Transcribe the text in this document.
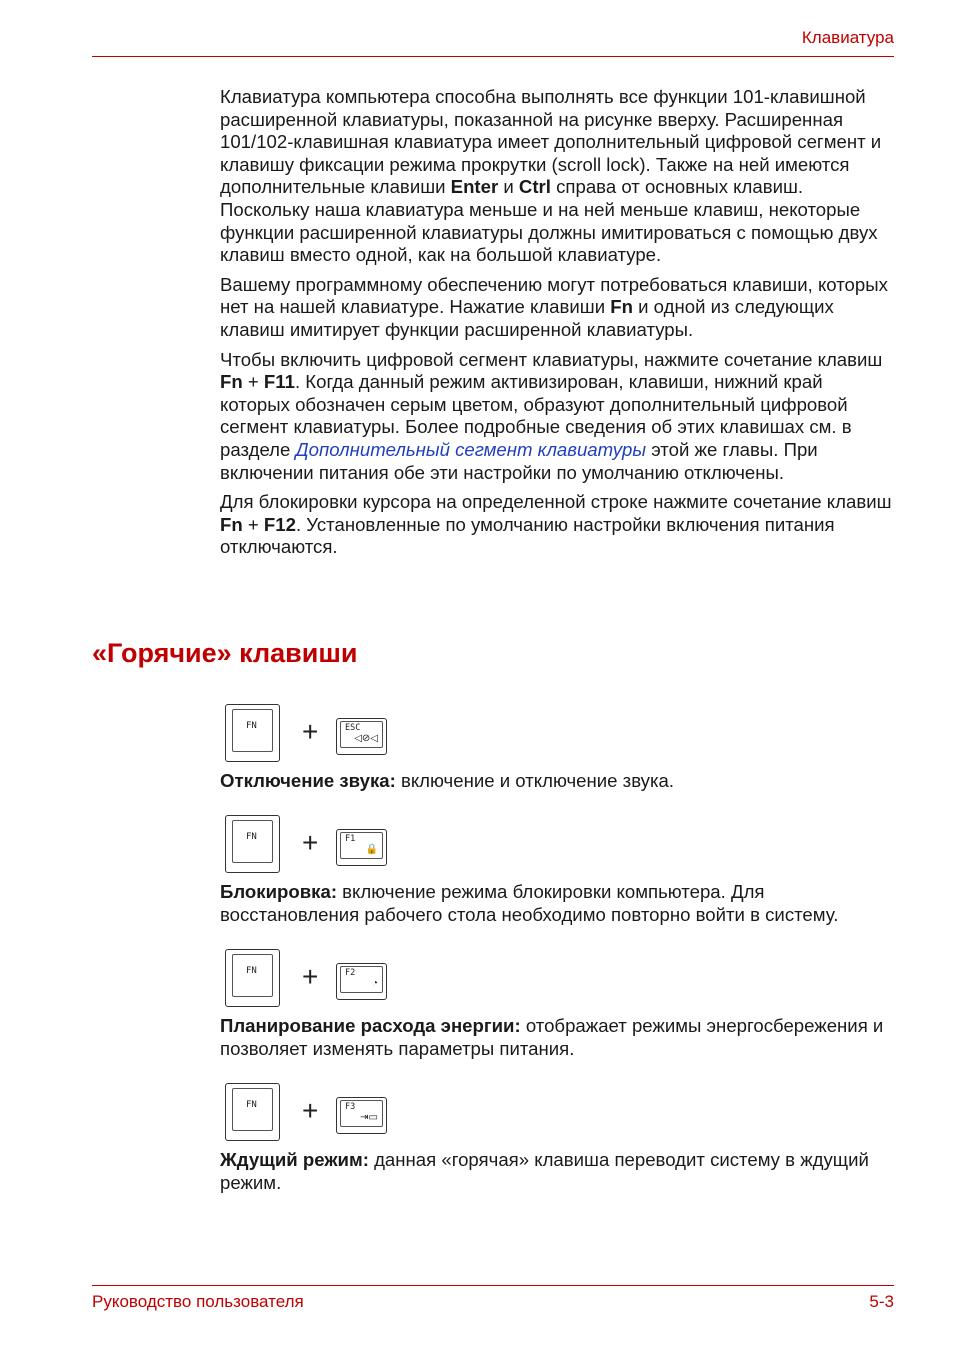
Клавиатура

Клавиатура компьютера способна выполнять все функции 101-клавишной расширенной клавиатуры, показанной на рисунке вверху. Расширенная 101/102-клавишная клавиатура имеет дополнительный цифровой сегмент и клавишу фиксации режима прокрутки (scroll lock). Также на ней имеются дополнительные клавиши Enter и Ctrl справа от основных клавиш. Поскольку наша клавиатура меньше и на ней меньше клавиш, некоторые функции расширенной клавиатуры должны имитироваться с помощью двух клавиш вместо одной, как на большой клавиатуре.

Вашему программному обеспечению могут потребоваться клавиши, которых нет на нашей клавиатуре. Нажатие клавиши Fn и одной из следующих клавиш имитирует функции расширенной клавиатуры.

Чтобы включить цифровой сегмент клавиатуры, нажмите сочетание клавиш Fn + F11. Когда данный режим активизирован, клавиши, нижний край которых обозначен серым цветом, образуют дополнительный цифровой сегмент клавиатуры. Более подробные сведения об этих клавишах см. в разделе Дополнительный сегмент клавиатуры этой же главы. При включении питания обе эти настройки по умолчанию отключены.

Для блокировки курсора на определенной строке нажмите сочетание клавиш Fn + F12. Установленные по умолчанию настройки включения питания отключаются.

«Горячие» клавиши
FN +	ESC
◁⊘◁
Отключение звука: включение и отключение звука.
FN +	F1
🔒
Блокировка: включение режима блокировки компьютера. Для восстановления рабочего стола необходимо повторно войти в систему.
FN +	F2
◔
Планирование расхода энергии: отображает режимы энергосбережения и позволяет изменять параметры питания.
FN +	F3
⇥▭
Ждущий режим: данная «горячая» клавиша переводит систему в ждущий режим.
Руководство пользователя	5-3
